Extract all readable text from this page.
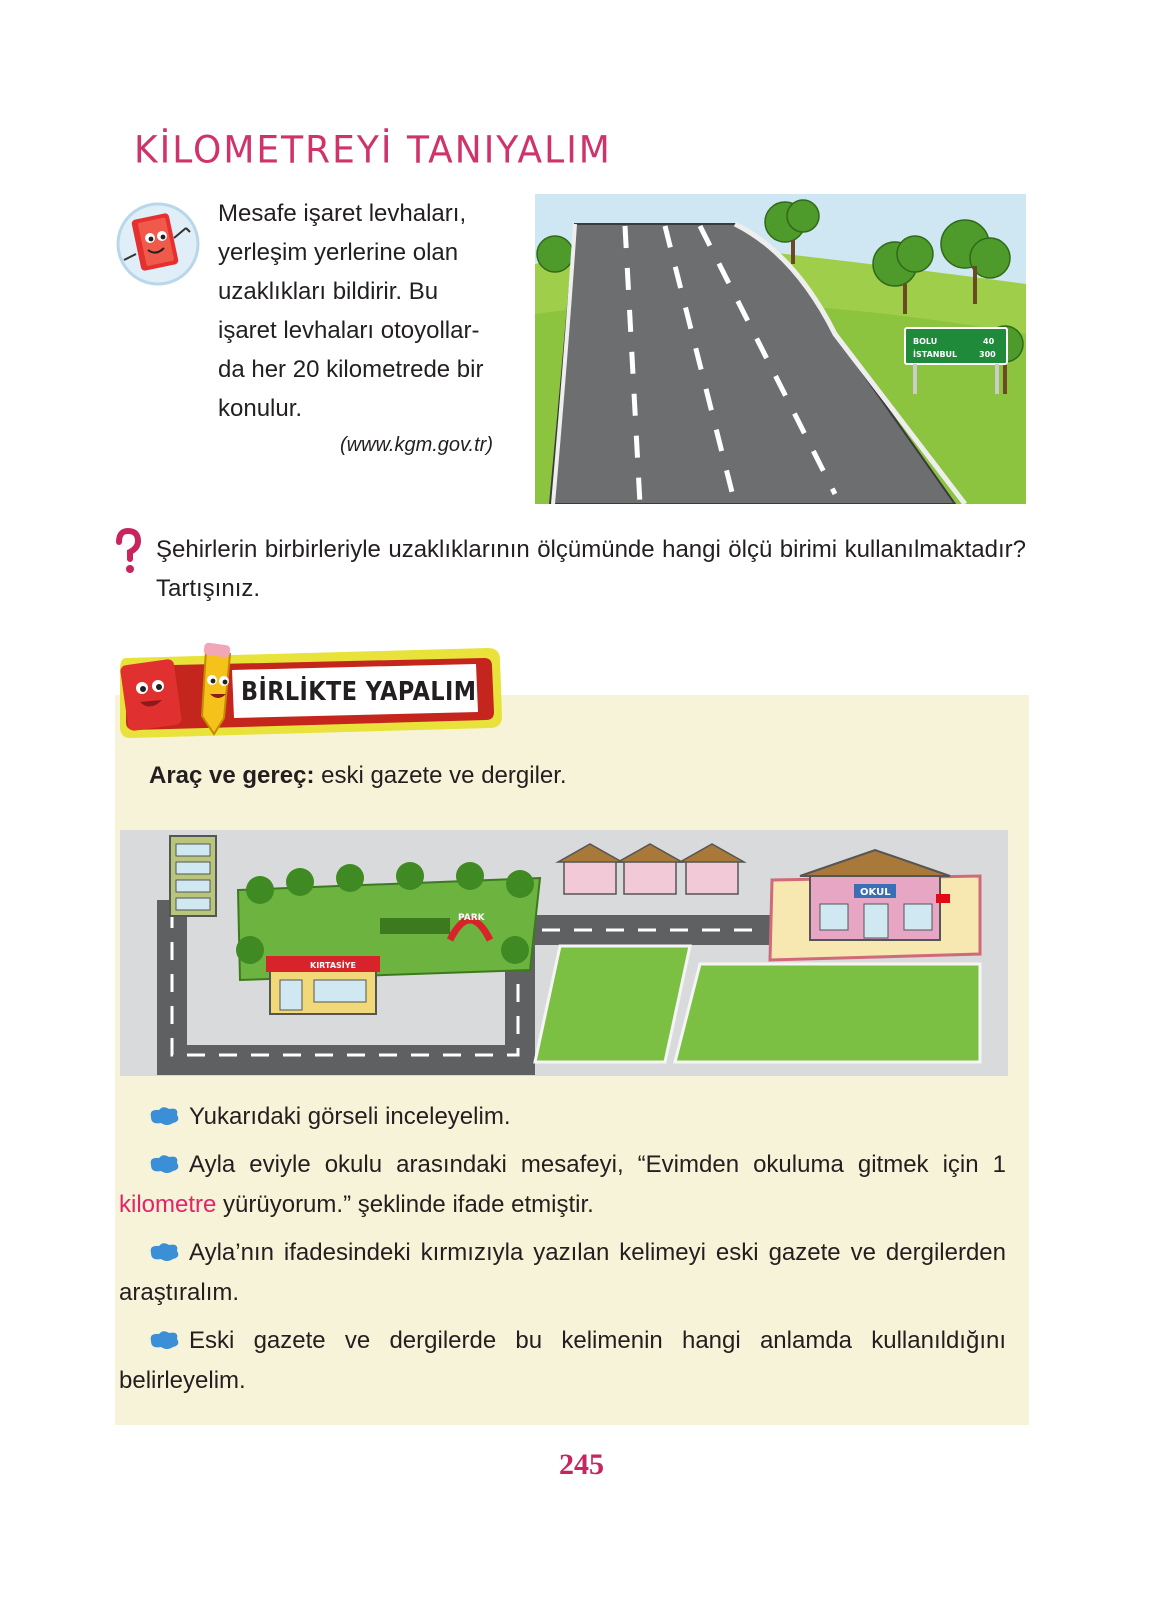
KİLOMETREYİ TANIYALIM

Mesafe işaret levhaları,

yerleşim yerlerine olan

uzaklıkları bildirir. Bu

işaret levhaları otoyollar-

da her 20 kilometrede bir

konulur.

(www.kgm.gov.tr)
BOLU	40
İSTANBUL	300
Şehirlerin birbirleriyle uzaklıklarının ölçümünde hangi ölçü birimi kullanılmaktadır? Tartışınız.
BİRLİKTE YAPALIM
Araç ve gereç: eski gazete ve dergiler.
PARK
KIRTASİYE
OKUL

Yukarıdaki görseli inceleyelim.

Ayla eviyle okulu arasındaki mesafeyi, “Evimden okuluma gitmek için 1 kilometre yürüyorum.” şeklinde ifade etmiştir.

Ayla’nın ifadesindeki kırmızıyla yazılan kelimeyi eski gazete ve dergilerden araştıralım.

Eski gazete ve dergilerde bu kelimenin hangi anlamda kullanıldığını belirleyelim.

245
